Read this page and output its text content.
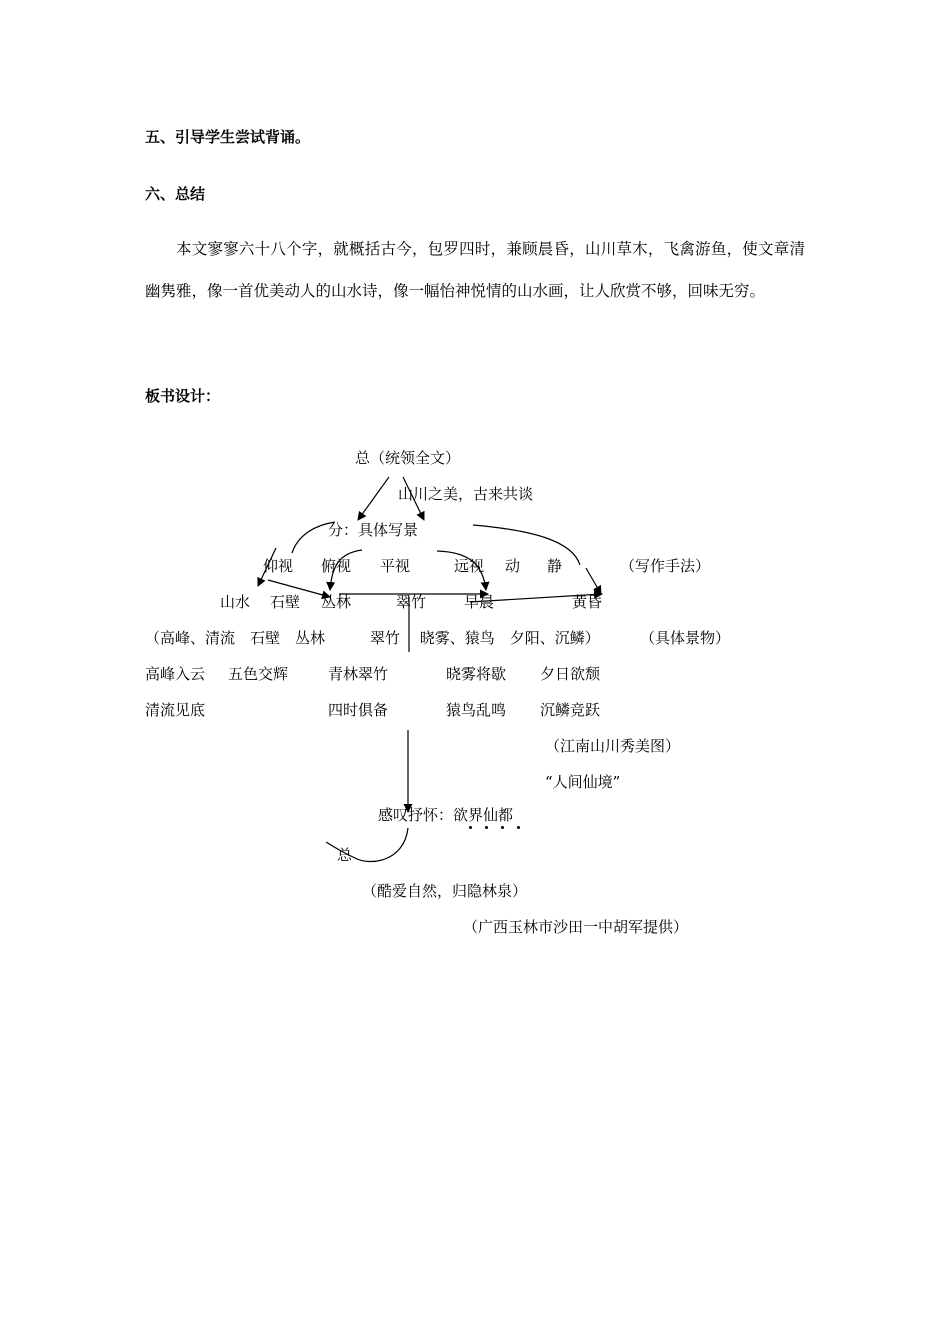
五、引导学生尝试背诵。
六、总结

本文寥寥六十八个字，就概括古今，包罗四时，兼顾晨昏，山川草木，飞禽游鱼，使文章清幽隽雅，像一首优美动人的山水诗，像一幅怡神悦情的山水画，让人欣赏不够，回味无穷。

板书设计：
总（统领全文）
山川之美，古来共谈
分：具体写景
仰视 俯视 平视	远视 动 静	（写作手法）
山水 石壁 丛林	翠竹	早晨	黄昏
（高峰、清流　石壁　丛林　　　翠竹　 晓雾、猿鸟　夕阳、沉鳞）	（具体景物）
高峰入云 五色交辉	青林翠竹	晓雾将歇 夕日欲颓
清流见底	四时俱备	猿鸟乱鸣 沉鳞竞跃
（江南山川秀美图）
“人间仙境”
感叹抒怀：欲界仙都
总
（酷爱自然，归隐林泉）
（广西玉林市沙田一中胡军提供）
